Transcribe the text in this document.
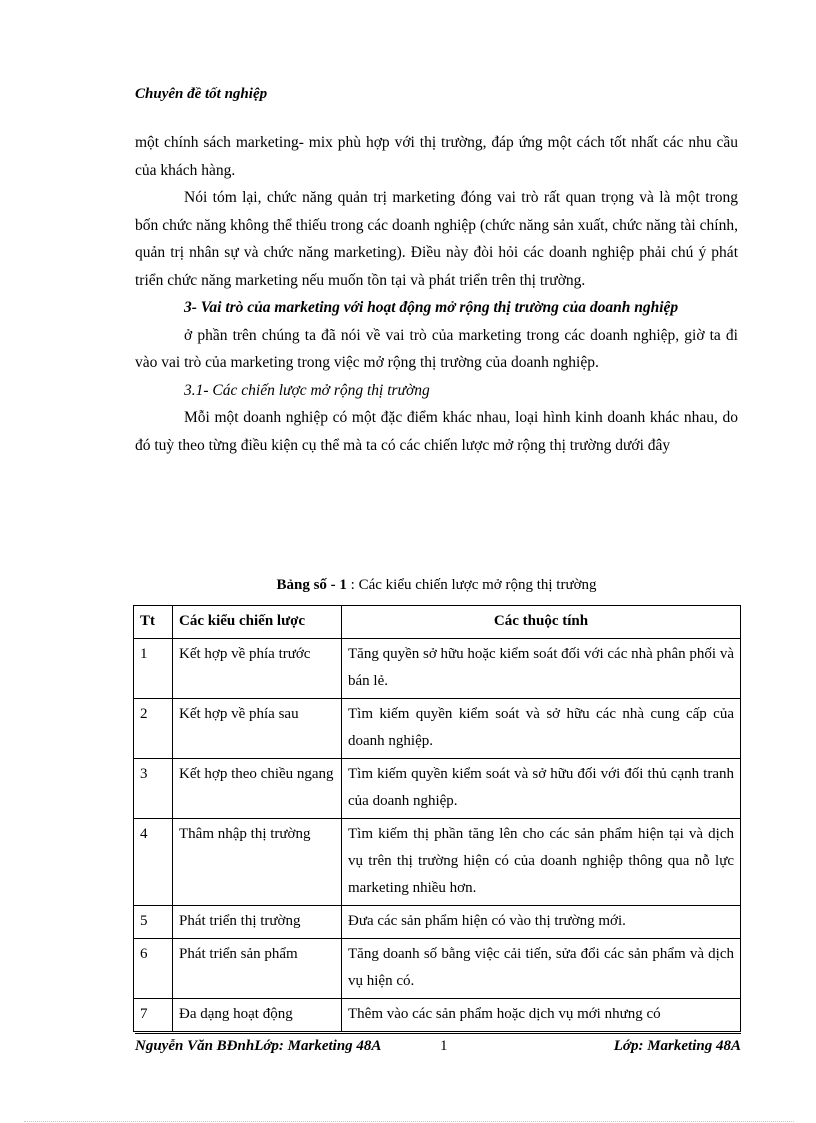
Chuyên đề tốt nghiệp
một chính sách marketing- mix phù hợp với thị trường, đáp ứng một cách tốt nhất các nhu cầu của khách hàng.
Nói tóm lại, chức năng quản trị marketing đóng vai trò rất quan trọng và là một trong bốn chức năng không thể thiếu trong các doanh nghiệp (chức năng sản xuất, chức năng tài chính, quản trị nhân sự và chức năng marketing). Điều này đòi hỏi các doanh nghiệp phải chú ý phát triển chức năng marketing nếu muốn tồn tại và phát triển trên thị trường.
3- Vai trò của marketing với hoạt động mở rộng thị trường của doanh nghiệp
ở phần trên chúng ta đã nói về vai trò của marketing trong các doanh nghiệp, giờ ta đi vào vai trò của marketing trong việc mở rộng thị trường của doanh nghiệp.
3.1- Các chiến lược mở rộng thị trường
Mỗi một doanh nghiệp có một đặc điểm khác nhau, loại hình kinh doanh khác nhau, do đó tuỳ theo từng điều kiện cụ thể mà ta có các chiến lược mở rộng thị trường dưới đây
Bảng số - 1 : Các kiểu chiến lược mở rộng thị trường
Tt	Các kiểu chiến lược	Các thuộc tính
1	Kết hợp về phía trước	Tăng quyền sở hữu hoặc kiểm soát đối với các nhà phân phối và bán lẻ.
2	Kết hợp về phía sau	Tìm kiếm quyền kiểm soát và sở hữu các nhà cung cấp của doanh nghiệp.
3	Kết hợp theo chiều ngang	Tìm kiếm quyền kiểm soát và sở hữu đối với đối thủ cạnh tranh của doanh nghiệp.
4	Thâm nhập thị trường	Tìm kiếm thị phần tăng lên cho các sản phẩm hiện tại và dịch vụ trên thị trường hiện có của doanh nghiệp thông qua nỗ lực marketing nhiều hơn.
5	Phát triển thị trường	Đưa các sản phẩm hiện có vào thị trường mới.
6	Phát triển sản phẩm	Tăng doanh số bằng việc cải tiến, sửa đổi các sản phẩm và dịch vụ hiện có.
7	Đa dạng hoạt động	Thêm vào các sản phẩm hoặc dịch vụ mới nhưng có
Nguyễn Văn BĐnhLớp: Marketing 48A	1	Lớp: Marketing 48A
